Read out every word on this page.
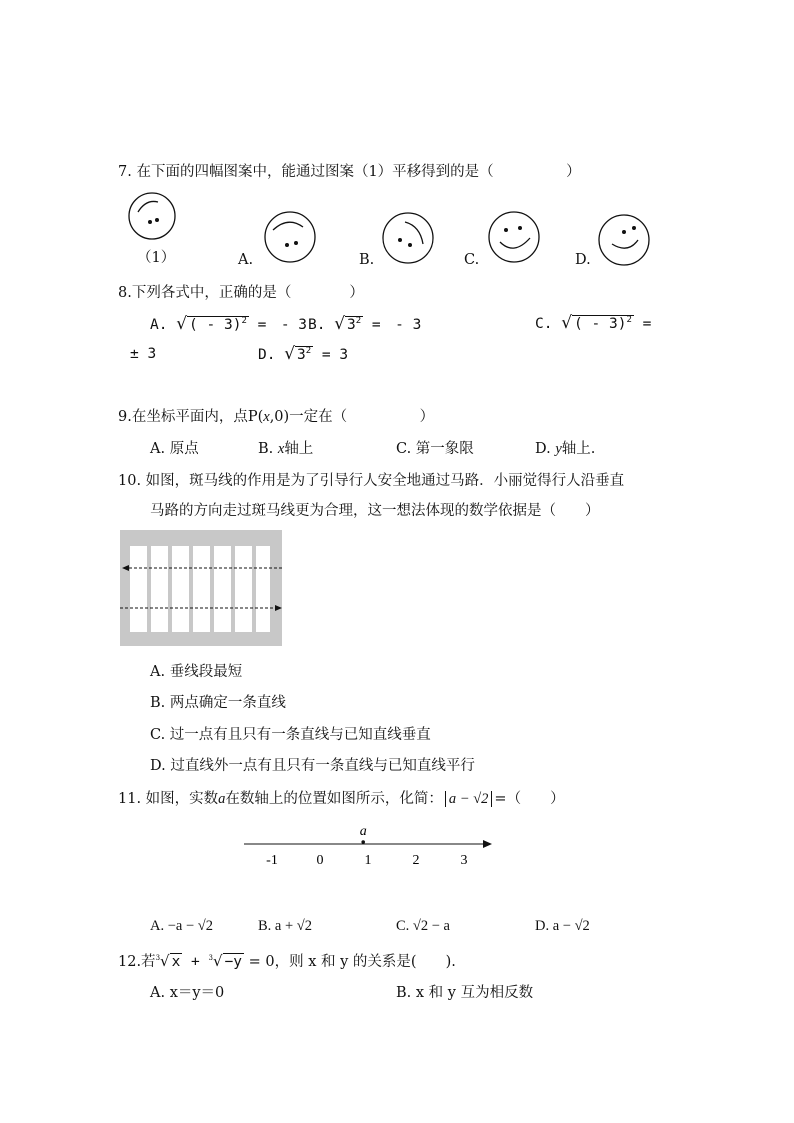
7. 在下面的四幅图案中，能通过图案（1）平移得到的是（　　　　　）
（1）	A.	B.	C.	D.
8.下列各式中，正确的是（　　　　）
A. √ ( - 3)$^2$ =　- 3 B. √ $3^2$ =　- 3	C. √ ( - 3)$^2$ =
± 3	D. √ $3^2 = 3$
9.在坐标平面内，点P(x,0)一定在（　　　　　）
A. 原点	B. x轴上	C. 第一象限	D. y轴上.
10. 如图，斑马线的作用是为了引导行人安全地通过马路．小丽觉得行人沿垂直
马路的方向走过斑马线更为合理，这一想法体现的数学依据是（　　）
A. 垂线段最短
B. 两点确定一条直线
C. 过一点有且只有一条直线与已知直线垂直
D. 过直线外一点有且只有一条直线与已知直线平行
11. 如图，实数a在数轴上的位置如图所示，化简： a − √2 =（　　）
-1	0	1	2	3
a
A. −a − √2	B. a + √2	C. √2 − a	D. a − √2
12.若$^3$√ x + $^3$√ −y = 0，则 x 和 y 的关系是(　　).
A. x＝y＝0	B. x 和 y 互为相反数
